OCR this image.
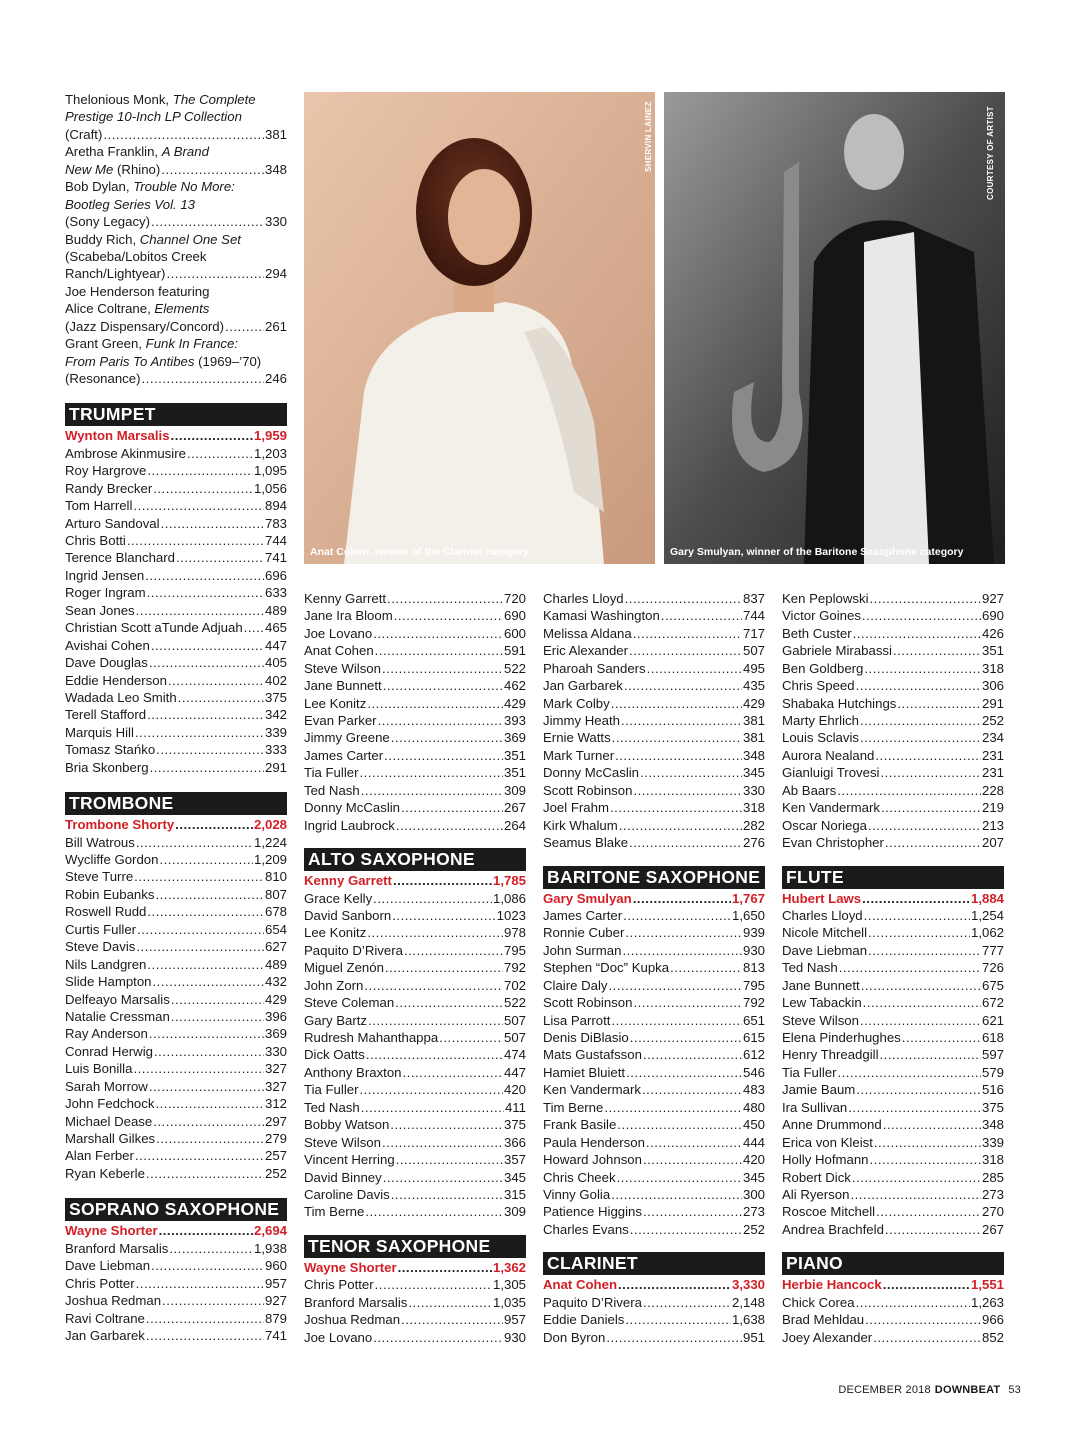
Thelonious Monk, The Complete
Prestige 10-Inch LP Collection
(Craft) .....	381
Aretha Franklin, A Brand
New Me (Rhino) .....	348
Bob Dylan, Trouble No More:
Bootleg Series Vol. 13
(Sony Legacy) .....	330
Buddy Rich, Channel One Set
(Scabeba/Lobitos Creek
Ranch/Lightyear) .....	294
Joe Henderson featuring
Alice Coltrane, Elements
(Jazz Dispensary/Concord) .....	261
Grant Green, Funk In France:
From Paris To Antibes (1969–’70)
(Resonance) .....	246
TRUMPET
Wynton Marsalis .....	1,959
Ambrose Akinmusire .....	1,203
Roy Hargrove .....	1,095
Randy Brecker .....	1,056
Tom Harrell .....	894
Arturo Sandoval .....	783
Chris Botti .....	744
Terence Blanchard .....	741
Ingrid Jensen .....	696
Roger Ingram .....	633
Sean Jones .....	489
Christian Scott aTunde Adjuah ..... 465
Avishai Cohen .....	447
Dave Douglas .....	405
Eddie Henderson .....	402
Wadada Leo Smith .....	375
Terell Stafford .....	342
Marquis Hill .....	339
Tomasz Stańko .....	333
Bria Skonberg .....	291
TROMBONE
Trombone Shorty .....	2,028
Bill Watrous .....	1,224
Wycliffe Gordon .....	1,209
Steve Turre .....	810
Robin Eubanks .....	807
Roswell Rudd .....	678
Curtis Fuller .....	654
Steve Davis .....	627
Nils Landgren .....	489
Slide Hampton .....	432
Delfeayo Marsalis .....	429
Natalie Cressman .....	396
Ray Anderson .....	369
Conrad Herwig .....	330
Luis Bonilla .....	327
Sarah Morrow .....	327
John Fedchock .....	312
Michael Dease .....	297
Marshall Gilkes .....	279
Alan Ferber .....	257
Ryan Keberle .....	252
SOPRANO SAXOPHONE
Wayne Shorter .....	2,694
Branford Marsalis .....	1,938
Dave Liebman .....	960
Chris Potter .....	957
Joshua Redman .....	927
Ravi Coltrane .....	879
Jan Garbarek .....	741
SHERVIN LAINEZ
Anat Cohen, winner of the Clarinet category
COURTESY OF ARTIST
Gary Smulyan, winner of the Baritone Saxophone category
Kenny Garrett .....	720
Jane Ira Bloom .....	690
Joe Lovano .....	600
Anat Cohen .....	591
Steve Wilson .....	522
Jane Bunnett .....	462
Lee Konitz .....	429
Evan Parker .....	393
Jimmy Greene .....	369
James Carter .....	351
Tia Fuller .....	351
Ted Nash .....	309
Donny McCaslin .....	267
Ingrid Laubrock .....	264
ALTO SAXOPHONE
Kenny Garrett .....	1,785
Grace Kelly .....	1,086
David Sanborn .....	1023
Lee Konitz .....	978
Paquito D’Rivera .....	795
Miguel Zenón .....	792
John Zorn .....	702
Steve Coleman .....	522
Gary Bartz .....	507
Rudresh Mahanthappa .....	507
Dick Oatts .....	474
Anthony Braxton .....	447
Tia Fuller .....	420
Ted Nash .....	411
Bobby Watson .....	375
Steve Wilson .....	366
Vincent Herring .....	357
David Binney .....	345
Caroline Davis .....	315
Tim Berne .....	309
TENOR SAXOPHONE
Wayne Shorter .....	1,362
Chris Potter .....	1,305
Branford Marsalis .....	1,035
Joshua Redman .....	957
Joe Lovano .....	930
Charles Lloyd .....	837
Kamasi Washington .....	744
Melissa Aldana .....	717
Eric Alexander .....	507
Pharoah Sanders .....	495
Jan Garbarek .....	435
Mark Colby .....	429
Jimmy Heath .....	381
Ernie Watts .....	381
Mark Turner .....	348
Donny McCaslin .....	345
Scott Robinson .....	330
Joel Frahm .....	318
Kirk Whalum .....	282
Seamus Blake .....	276
BARITONE SAXOPHONE
Gary Smulyan .....	1,767
James Carter .....	1,650
Ronnie Cuber .....	939
John Surman .....	930
Stephen “Doc” Kupka .....	813
Claire Daly .....	795
Scott Robinson .....	792
Lisa Parrott .....	651
Denis DiBlasio .....	615
Mats Gustafsson .....	612
Hamiet Bluiett .....	546
Ken Vandermark .....	483
Tim Berne .....	480
Frank Basile .....	450
Paula Henderson .....	444
Howard Johnson .....	420
Chris Cheek .....	345
Vinny Golia .....	300
Patience Higgins .....	273
Charles Evans .....	252
CLARINET
Anat Cohen .....	3,330
Paquito D’Rivera .....	2,148
Eddie Daniels .....	1,638
Don Byron .....	951
Ken Peplowski .....	927
Victor Goines .....	690
Beth Custer .....	426
Gabriele Mirabassi .....	351
Ben Goldberg .....	318
Chris Speed .....	306
Shabaka Hutchings .....	291
Marty Ehrlich .....	252
Louis Sclavis .....	234
Aurora Nealand .....	231
Gianluigi Trovesi .....	231
Ab Baars .....	228
Ken Vandermark .....	219
Oscar Noriega .....	213
Evan Christopher .....	207
FLUTE
Hubert Laws .....	1,884
Charles Lloyd .....	1,254
Nicole Mitchell .....	1,062
Dave Liebman .....	777
Ted Nash .....	726
Jane Bunnett .....	675
Lew Tabackin .....	672
Steve Wilson .....	621
Elena Pinderhughes .....	618
Henry Threadgill .....	597
Tia Fuller .....	579
Jamie Baum .....	516
Ira Sullivan .....	375
Anne Drummond .....	348
Erica von Kleist .....	339
Holly Hofmann .....	318
Robert Dick .....	285
Ali Ryerson .....	273
Roscoe Mitchell .....	270
Andrea Brachfeld .....	267
PIANO
Herbie Hancock .....	1,551
Chick Corea .....	1,263
Brad Mehldau .....	966
Joey Alexander .....	852
DECEMBER 2018 DOWNBEAT 53
